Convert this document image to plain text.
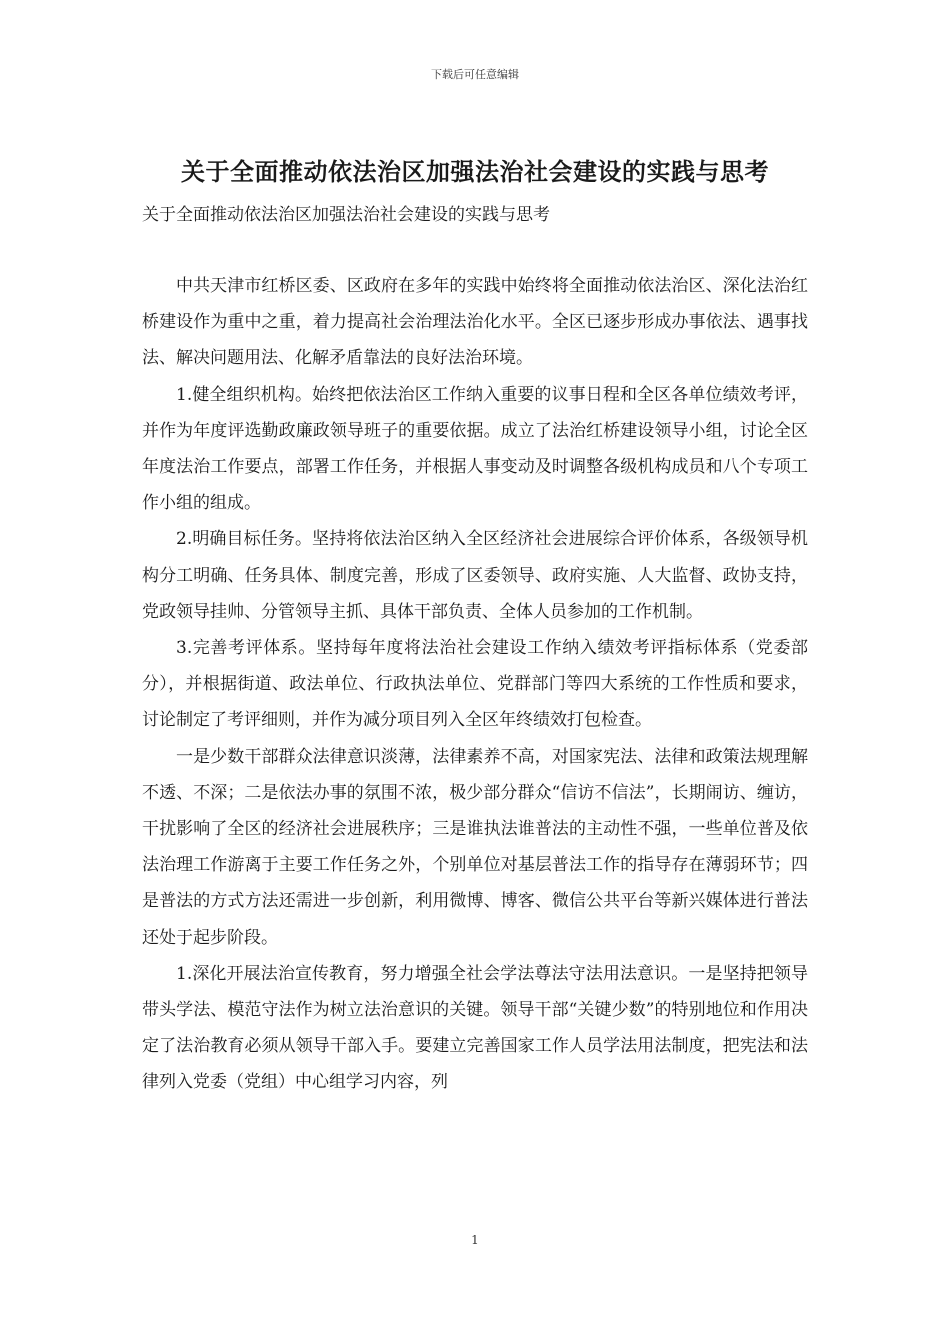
下载后可任意编辑
关于全面推动依法治区加强法治社会建设的实践与思考
关于全面推动依法治区加强法治社会建设的实践与思考

中共天津市红桥区委、区政府在多年的实践中始终将全面推动依法治区、深化法治红桥建设作为重中之重，着力提高社会治理法治化水平。全区已逐步形成办事依法、遇事找法、解决问题用法、化解矛盾靠法的良好法治环境。

1.健全组织机构。始终把依法治区工作纳入重要的议事日程和全区各单位绩效考评，并作为年度评选勤政廉政领导班子的重要依据。成立了法治红桥建设领导小组，讨论全区年度法治工作要点，部署工作任务，并根据人事变动及时调整各级机构成员和八个专项工作小组的组成。

2.明确目标任务。坚持将依法治区纳入全区经济社会进展综合评价体系，各级领导机构分工明确、任务具体、制度完善，形成了区委领导、政府实施、人大监督、政协支持，党政领导挂帅、分管领导主抓、具体干部负责、全体人员参加的工作机制。

3.完善考评体系。坚持每年度将法治社会建设工作纳入绩效考评指标体系（党委部分），并根据街道、政法单位、行政执法单位、党群部门等四大系统的工作性质和要求，讨论制定了考评细则，并作为减分项目列入全区年终绩效打包检查。

一是少数干部群众法律意识淡薄，法律素养不高，对国家宪法、法律和政策法规理解不透、不深；二是依法办事的氛围不浓，极少部分群众“信访不信法”，长期闹访、缠访，干扰影响了全区的经济社会进展秩序；三是谁执法谁普法的主动性不强，一些单位普及依法治理工作游离于主要工作任务之外，个别单位对基层普法工作的指导存在薄弱环节；四是普法的方式方法还需进一步创新，利用微博、博客、微信公共平台等新兴媒体进行普法还处于起步阶段。

1.深化开展法治宣传教育，努力增强全社会学法尊法守法用法意识。一是坚持把领导带头学法、模范守法作为树立法治意识的关键。领导干部“关键少数”的特别地位和作用决定了法治教育必须从领导干部入手。要建立完善国家工作人员学法用法制度，把宪法和法律列入党委（党组）中心组学习内容，列

1
